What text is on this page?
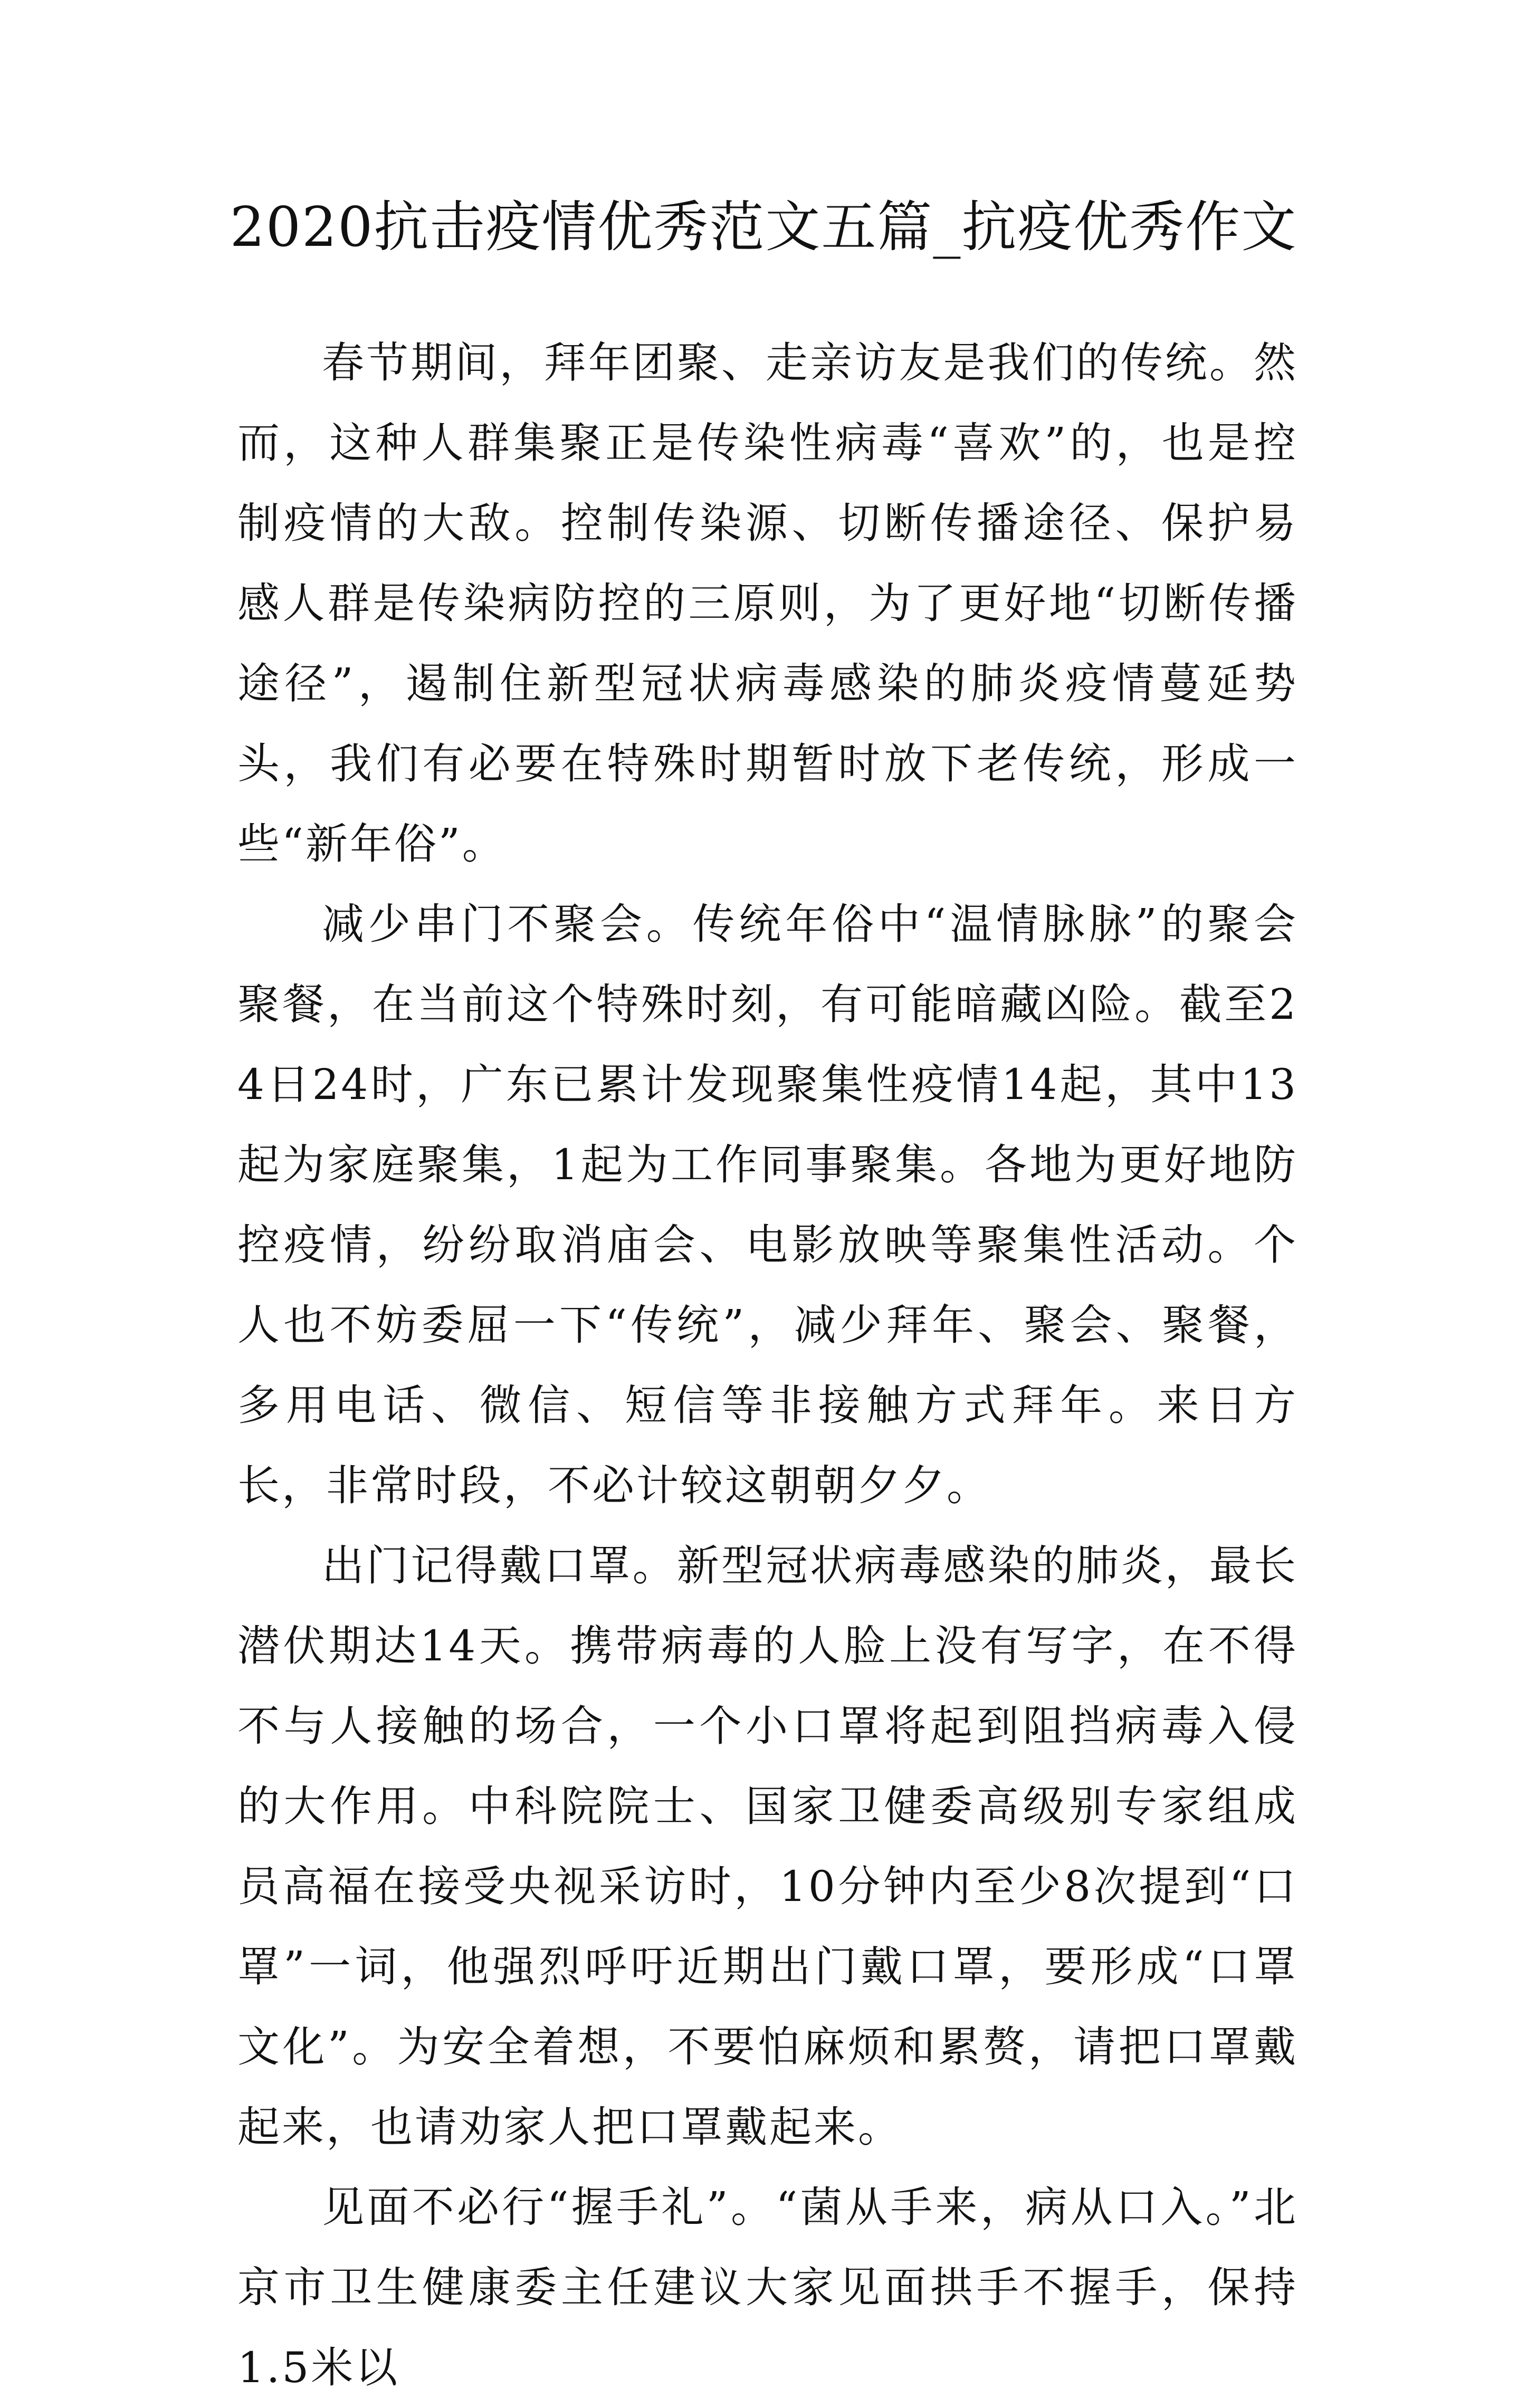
2020抗击疫情优秀范文五篇_抗疫优秀作文

春节期间，拜年团聚、走亲访友是我们的传统。然而，这种人群集聚正是传染性病毒“喜欢”的，也是控制疫情的大敌。控制传染源、切断传播途径、保护易感人群是传染病防控的三原则，为了更好地“切断传播途径”，遏制住新型冠状病毒感染的肺炎疫情蔓延势头，我们有必要在特殊时期暂时放下老传统，形成一些“新年俗”。

减少串门不聚会。传统年俗中“温情脉脉”的聚会聚餐，在当前这个特殊时刻，有可能暗藏凶险。截至24日24时，广东已累计发现聚集性疫情14起，其中13起为家庭聚集，1起为工作同事聚集。各地为更好地防控疫情，纷纷取消庙会、电影放映等聚集性活动。个人也不妨委屈一下“传统”，减少拜年、聚会、聚餐，多用电话、微信、短信等非接触方式拜年。来日方长，非常时段，不必计较这朝朝夕夕。

出门记得戴口罩。新型冠状病毒感染的肺炎，最长潜伏期达14天。携带病毒的人脸上没有写字，在不得不与人接触的场合，一个小口罩将起到阻挡病毒入侵的大作用。中科院院士、国家卫健委高级别专家组成员高福在接受央视采访时，10分钟内至少8次提到“口罩”一词，他强烈呼吁近期出门戴口罩，要形成“口罩文化”。为安全着想，不要怕麻烦和累赘，请把口罩戴起来，也请劝家人把口罩戴起来。

见面不必行“握手礼”。“菌从手来，病从口入。”北京市卫生健康委主任建议大家见面拱手不握手，保持1.5米以
